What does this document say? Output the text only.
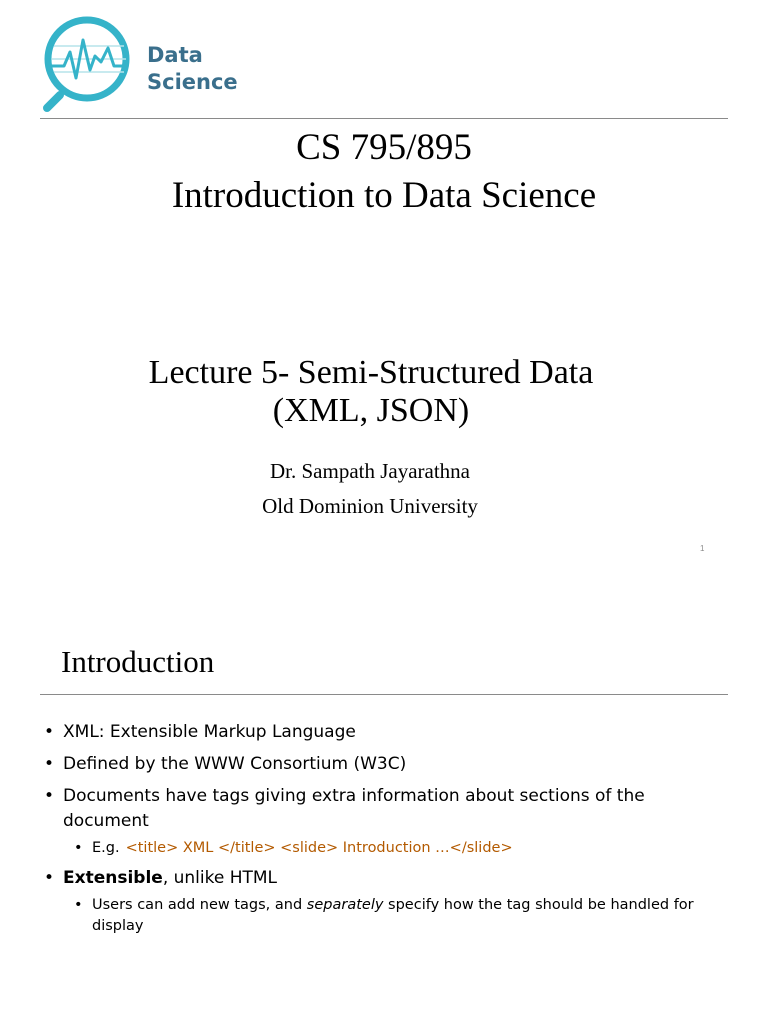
Data
Science
CS 795/895
Introduction to Data Science
Lecture 5- Semi-Structured Data
(XML, JSON)
Dr. Sampath Jayarathna
Old Dominion University
1
Introduction
• XML: Extensible Markup Language
• Defined by the WWW Consortium (W3C)
• Documents have tags giving extra information about sections of the document
• E.g. <title> XML </title> <slide> Introduction …</slide>
• Extensible, unlike HTML
• Users can add new tags, and separately specify how the tag should be handled for display
